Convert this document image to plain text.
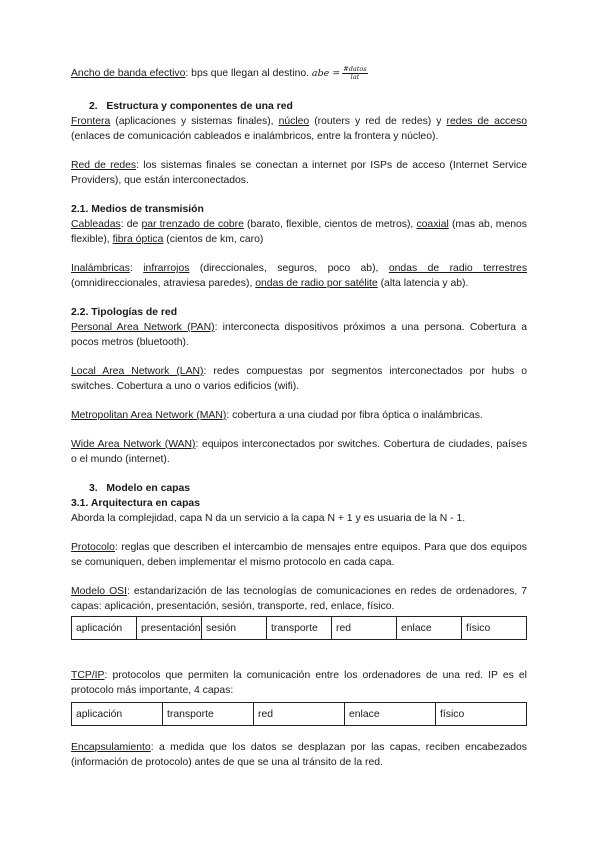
Ancho de banda efectivo: bps que llegan al destino. abe = $\frac{\text{\#datos}}{\text{lat}}$

2.   Estructura y componentes de una red

Frontera (aplicaciones y sistemas finales), núcleo (routers y red de redes) y redes de acceso (enlaces de comunicación cableados e inalámbricos, entre la frontera y núcleo).

Red de redes: los sistemas finales se conectan a internet por ISPs de acceso (Internet Service Providers), que están interconectados.

2.1. Medios de transmisión

Cableadas: de par trenzado de cobre (barato, flexible, cientos de metros), coaxial (mas ab, menos flexible), fibra óptica (cientos de km, caro)

Inalámbricas: infrarrojos (direccionales, seguros, poco ab), ondas de radio terrestres (omnidireccionales, atraviesa paredes), ondas de radio por satélite (alta latencia y ab).

2.2. Tipologías de red

Personal Area Network (PAN): interconecta dispositivos próximos a una persona. Cobertura a pocos metros (bluetooth).

Local Area Network (LAN): redes compuestas por segmentos interconectados por hubs o switches. Cobertura a uno o varios edificios (wifi).

Metropolitan Area Network (MAN): cobertura a una ciudad por fibra óptica o inalámbricas.

Wide Area Network (WAN): equipos interconectados por switches. Cobertura de ciudades, países o el mundo (internet).

3.   Modelo en capas

3.1. Arquitectura en capas

Aborda la complejidad, capa N da un servicio a la capa N + 1 y es usuaria de la N - 1.

Protocolo: reglas que describen el intercambio de mensajes entre equipos. Para que dos equipos se comuniquen, deben implementar el mismo protocolo en cada capa.

Modelo OSI: estandarización de las tecnologías de comunicaciones en redes de ordenadores, 7 capas: aplicación, presentación, sesión, transporte, red, enlace, físico.

aplicación	presentación	sesión	transporte	red	enlace	físico

TCP/IP: protocolos que permiten la comunicación entre los ordenadores de una red. IP es el protocolo más importante, 4 capas:

aplicación	transporte	red	enlace	físico

Encapsulamiento: a medida que los datos se desplazan por las capas, reciben encabezados (información de protocolo) antes de que se una al tránsito de la red.
